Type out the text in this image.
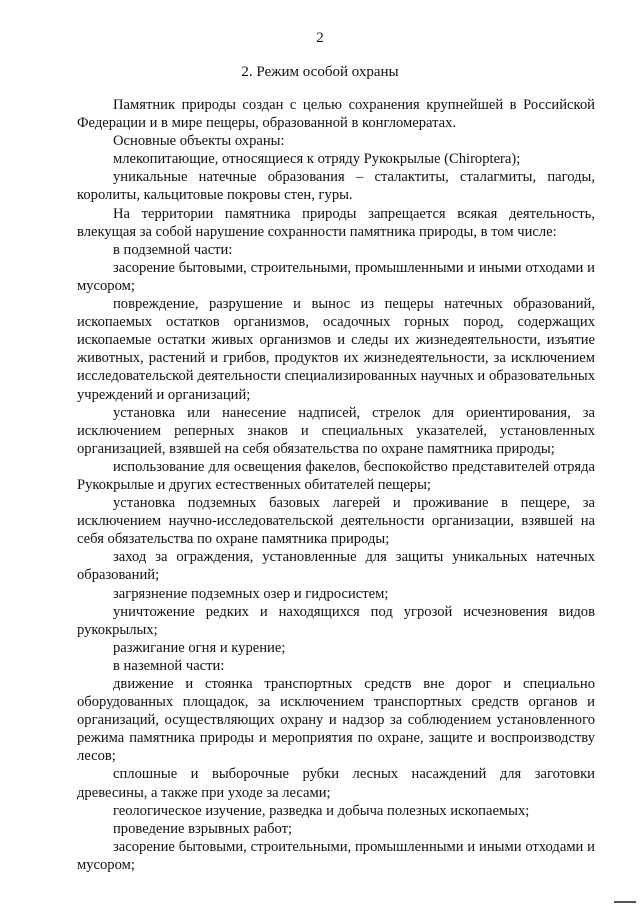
2
2. Режим особой охраны

Памятник природы создан с целью сохранения крупнейшей в Российской Федерации и в мире пещеры, образованной в конгломератах.

Основные объекты охраны:

млекопитающие, относящиеся к отряду Рукокрылые (Chiroptera);

уникальные натечные образования – сталактиты, сталагмиты, пагоды, королиты, кальцитовые покровы стен, гуры.

На территории памятника природы запрещается всякая деятельность, влекущая за собой нарушение сохранности памятника природы, в том числе:

в подземной части:

засорение бытовыми, строительными, промышленными и иными отходами и мусором;

повреждение, разрушение и вынос из пещеры натечных образований, ископаемых остатков организмов, осадочных горных пород, содержащих ископаемые остатки живых организмов и следы их жизнедеятельности, изъятие животных, растений и грибов, продуктов их жизнедеятельности, за исключением исследовательской деятельности специализированных научных и образовательных учреждений и организаций;

установка или нанесение надписей, стрелок для ориентирования, за исключением реперных знаков и специальных указателей, установленных организацией, взявшей на себя обязательства по охране памятника природы;

использование для освещения факелов, беспокойство представителей отряда Рукокрылые и других естественных обитателей пещеры;

установка подземных базовых лагерей и проживание в пещере, за исключением научно-исследовательской деятельности организации, взявшей на себя обязательства по охране памятника природы;

заход за ограждения, установленные для защиты уникальных натечных образований;

загрязнение подземных озер и гидросистем;

уничтожение редких и находящихся под угрозой исчезновения видов рукокрылых;

разжигание огня и курение;

в наземной части:

движение и стоянка транспортных средств вне дорог и специально оборудованных площадок, за исключением транспортных средств органов и организаций, осуществляющих охрану и надзор за соблюдением установленного режима памятника природы и мероприятия по охране, защите и воспроизводству лесов;

сплошные и выборочные рубки лесных насаждений для заготовки древесины, а также при уходе за лесами;

геологическое изучение, разведка и добыча полезных ископаемых;

проведение взрывных работ;

засорение бытовыми, строительными, промышленными и иными отходами и мусором;
